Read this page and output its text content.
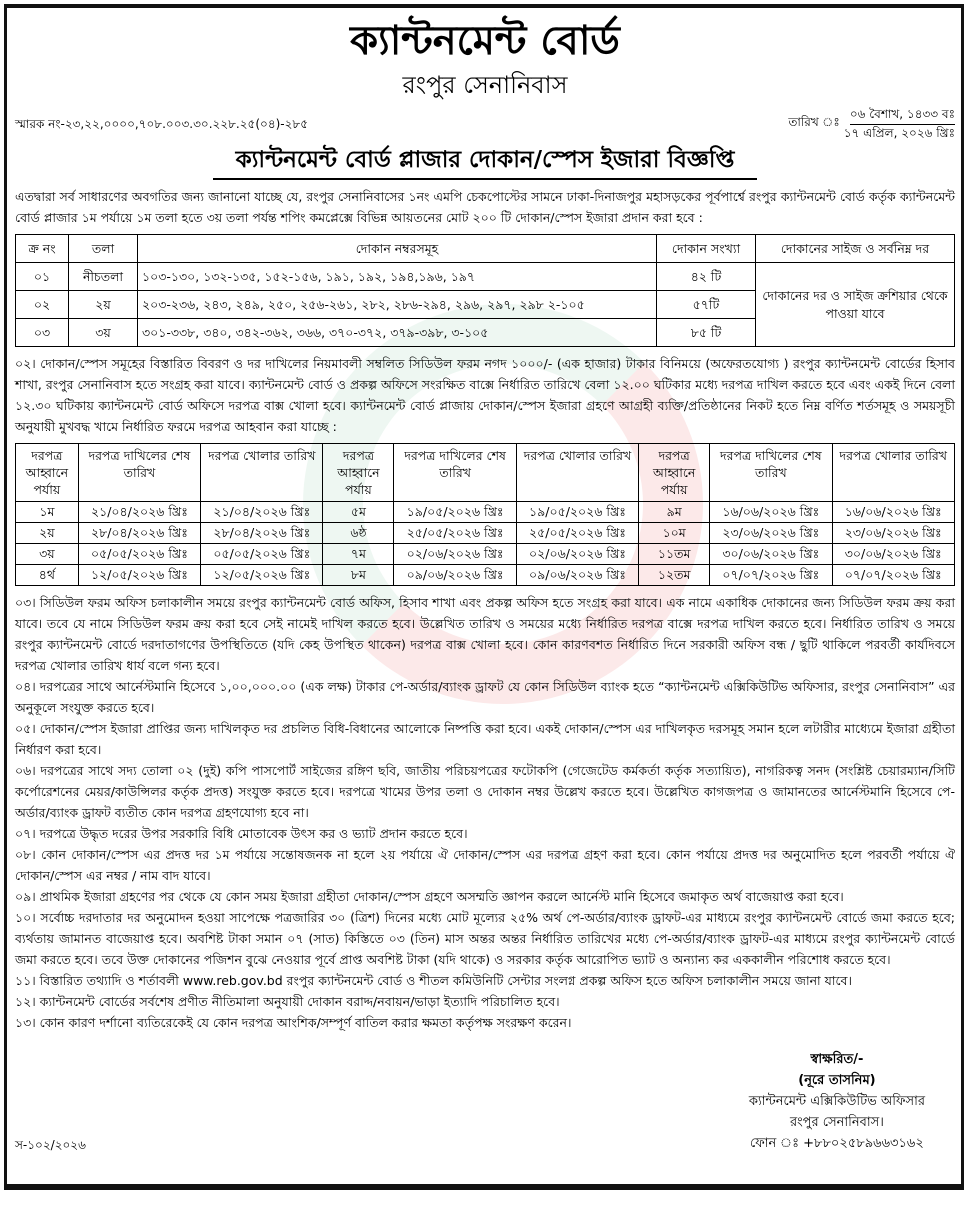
ক্যান্টনমেন্ট বোর্ড
রংপুর সেনানিবাস
স্মারক নং-২৩,২২,০০০০,৭০৮.০০৩.৩০.২২৮.২৫(০৪)-২৮৫	তারিখ ঃ $\frac{\text{০৬ বৈশাখ, ১৪৩৩ বঃ}}{\text{১৭ এপ্রিল, ২০২৬ খ্রিঃ}}$
ক্যান্টনমেন্ট বোর্ড প্লাজার দোকান/স্পেস ইজারা বিজ্ঞপ্তি
এতদ্বারা সর্ব সাধারণের অবগতির জন্য জানানো যাচ্ছে যে, রংপুর সেনানিবাসের ১নং এমপি চেকপোস্টের সামনে ঢাকা-দিনাজপুর মহাসড়কের পূর্বপার্শ্বে রংপুর ক্যান্টনমেন্ট বোর্ড কর্তৃক ক্যান্টনমেন্ট বোর্ড প্লাজার ১ম পর্যায়ে ১ম তলা হতে ৩য় তলা পর্যন্ত শপিং কমপ্লেক্সে বিভিন্ন আয়তনের মোট ২০০ টি দোকান/স্পেস ইজারা প্রদান করা হবে :
ক্র নং	তলা	দোকান নম্বরসমূহ	দোকান সংখ্যা	দোকানের সাইজ ও সর্বনিম্ন দর
০১	নীচতলা	১০৩-১৩০, ১৩২-১৩৫, ১৫২-১৫৬, ১৯১, ১৯২, ১৯৪,১৯৬, ১৯৭	৪২ টি	দোকানের দর ও সাইজ ক্রশিয়ার থেকে পাওয়া যাবে
০২	২য়	২০৩-২৩৬, ২৪৩, ২৪৯, ২৫০, ২৫৬-২৬১, ২৮২, ২৮৬-২৯৪, ২৯৬, ২৯৭, ২৯৮ ২-১০৫	৫৭টি	
০৩	৩য়	৩০১-৩৩৮, ৩৪০, ৩৪২-৩৬২, ৩৬৬, ৩৭০-৩৭২, ৩৭৯-৩৯৮, ৩-১০৫	৮৫ টি	
০২। দোকান/স্পেস সমূহের বিস্তারিত বিবরণ ও দর দাখিলের নিয়মাবলী সম্বলিত সিডিউল ফরম নগদ ১০০০/- (এক হাজার) টাকার বিনিময়ে (অফেরতযোগ্য ) রংপুর ক্যান্টনমেন্ট বোর্ডের হিসাব শাখা, রংপুর সেনানিবাস হতে সংগ্রহ করা যাবে। ক্যান্টনমেন্ট বোর্ড ও প্রকল্প অফিসে সংরক্ষিত বাক্সে নির্ধারিত তারিখে বেলা ১২.০০ ঘটিকার মধ্যে দরপত্র দাখিল করতে হবে এবং একই দিনে বেলা ১২.৩০ ঘটিকায় ক্যান্টনমেন্ট বোর্ড অফিসে দরপত্র বাক্স খোলা হবে। ক্যান্টনমেন্ট বোর্ড প্লাজায় দোকান/স্পেস ইজারা গ্রহণে আগ্রহী ব্যক্তি/প্রতিষ্ঠানের নিকট হতে নিম্ন বর্ণিত শর্তসমূহ ও সময়সূচী অনুযায়ী মুখবদ্ধ খামে নির্ধারিত ফরমে দরপত্র আহবান করা যাচ্ছে :
দরপত্র আহ্বানে পর্যায়	দরপত্র দাখিলের শেষ তারিখ	দরপত্র খোলার তারিখ	দরপত্র আহ্বানে পর্যায়	দরপত্র দাখিলের শেষ তারিখ	দরপত্র খোলার তারিখ	দরপত্র আহ্বানে পর্যায়	দরপত্র দাখিলের শেষ তারিখ	দরপত্র খোলার তারিখ
১ম	২১/০৪/২০২৬ খ্রিঃ	২১/০৪/২০২৬ খ্রিঃ	৫ম	১৯/০৫/২০২৬ খ্রিঃ	১৯/০৫/২০২৬ খ্রিঃ	৯ম	১৬/০৬/২০২৬ খ্রিঃ	১৬/০৬/২০২৬ খ্রিঃ
২য়	২৮/০৪/২০২৬ খ্রিঃ	২৮/০৪/২০২৬ খ্রিঃ	৬ষ্ঠ	২৫/০৫/২০২৬ খ্রিঃ	২৫/০৫/২০২৬ খ্রিঃ	১০ম	২৩/০৬/২০২৬ খ্রিঃ	২৩/০৬/২০২৬ খ্রিঃ
৩য়	০৫/০৫/২০২৬ খ্রিঃ	০৫/০৫/২০২৬ খ্রিঃ	৭ম	০২/০৬/২০২৬ খ্রিঃ	০২/০৬/২০২৬ খ্রিঃ	১১তম	৩০/০৬/২০২৬ খ্রিঃ	৩০/০৬/২০২৬ খ্রিঃ
৪র্থ	১২/০৫/২০২৬ খ্রিঃ	১২/০৫/২০২৬ খ্রিঃ	৮ম	০৯/০৬/২০২৬ খ্রিঃ	০৯/০৬/২০২৬ খ্রিঃ	১২তম	০৭/০৭/২০২৬ খ্রিঃ	০৭/০৭/২০২৬ খ্রিঃ
০৩। সিডিউল ফরম অফিস চলাকালীন সময়ে রংপুর ক্যান্টনমেন্ট বোর্ড অফিস, হিসাব শাখা এবং প্রকল্প অফিস হতে সংগ্রহ করা যাবে। এক নামে একাধিক দোকানের জন্য সিডিউল ফরম ক্রয় করা যাবে। তবে যে নামে সিডিউল ফরম ক্রয় করা হবে সেই নামেই দাখিল করতে হবে। উল্লেখিত তারিখ ও সময়ের মধ্যে নির্ধারিত দরপত্র বাক্সে দরপত্র দাখিল করতে হবে। নির্ধারিত তারিখ ও সময়ে রংপুর ক্যান্টনমেন্ট বোর্ডে দরদাতাগণের উপস্থিতিতে (যদি কেহ উপস্থিত থাকেন) দরপত্র বাক্স খোলা হবে। কোন কারণবশত নির্ধারিত দিনে সরকারী অফিস বন্ধ / ছুটি থাকিলে পরবর্তী কার্যদিবসে দরপত্র খোলার তারিখ ধার্য বলে গন্য হবে।
০৪। দরপত্রের সাথে আর্নেস্টমানি হিসেবে ১,০০,০০০.০০ (এক লক্ষ) টাকার পে-অর্ডার/ব্যাংক ড্রাফট যে কোন সিডিউল ব্যাংক হতে “ক্যান্টনমেন্ট এক্সিকিউটিভ অফিসার, রংপুর সেনানিবাস” এর অনুকূলে সংযুক্ত করতে হবে।
০৫। দোকান/স্পেস ইজারা প্রাপ্তির জন্য দাখিলকৃত দর প্রচলিত বিধি-বিধানের আলোকে নিষ্পত্তি করা হবে। একই দোকান/স্পেস এর দাখিলকৃত দরসমূহ সমান হলে লটারীর মাধ্যেমে ইজারা গ্রহীতা নির্ধারণ করা হবে।
০৬। দরপত্রের সাথে সদ্য তোলা ০২ (দুই) কপি পাসপোর্ট সাইজের রঙ্গিণ ছবি, জাতীয় পরিচয়পত্রের ফটোকপি (গেজেটেড কর্মকর্তা কর্তৃক সত্যায়িত), নাগরিকত্ব সনদ (সংশ্লিষ্ট চেয়ারম্যান/সিটি কর্পোরেশনের মেয়র/কাউন্সিলর কর্তৃক প্রদত্ত) সংযুক্ত করতে হবে। দরপত্রে খামের উপর তলা ও দোকান নম্বর উল্লেখ করতে হবে। উল্লেখিত কাগজপত্র ও জামানতের আর্নেস্টমানি হিসেবে পে-অর্ডার/ব্যাংক ড্রাফট ব্যতীত কোন দরপত্র গ্রহণযোগ্য হবে না।
০৭। দরপত্রে উদ্ধৃত দরের উপর সরকারি বিধি মোতাবেক উৎস কর ও ভ্যাট প্রদান করতে হবে।
০৮। কোন দোকান/স্পেস এর প্রদত্ত দর ১ম পর্যায়ে সন্তোষজনক না হলে ২য় পর্যায়ে ঐ দোকান/স্পেস এর দরপত্র গ্রহণ করা হবে। কোন পর্যায়ে প্রদত্ত দর অনুমোদিত হলে পরবর্তী পর্যায়ে ঐ দোকান/স্পেস এর নম্বর / নাম বাদ যাবে।
০৯। প্রাথমিক ইজারা গ্রহণের পর থেকে যে কোন সময় ইজারা গ্রহীতা দোকান/স্পেস গ্রহণে অসম্মতি জ্ঞাপন করলে আর্নেস্ট মানি হিসেবে জমাকৃত অর্থ বাজেয়াপ্ত করা হবে।
১০। সর্বোচ্চ দরদাতার দর অনুমোদন হওয়া সাপেক্ষে পত্রজারির ৩০ (ত্রিশ) দিনের মধ্যে মোট মূল্যের ২৫% অর্থ পে-অর্ডার/ব্যাংক ড্রাফট-এর মাধ্যমে রংপুর ক্যান্টনমেন্ট বোর্ডে জমা করতে হবে; ব্যর্থতায় জামানত বাজেয়াপ্ত হবে। অবশিষ্ট টাকা সমান ০৭ (সাত) কিস্তিতে ০৩ (তিন) মাস অন্তর অন্তর নির্ধারিত তারিখের মধ্যে পে-অর্ডার/ব্যাংক ড্রাফট-এর মাধ্যমে রংপুর ক্যান্টনমেন্ট বোর্ডে জমা করতে হবে। তবে উক্ত দোকানের পজিশন বুঝে নেওয়ার পূর্বে প্রাপ্ত অবশিষ্ট টাকা (যদি থাকে) ও সরকার কর্তৃক আরোপিত ভ্যাট ও অন্যান্য কর এককালীন পরিশোধ করতে হবে।
১১। বিস্তারিত তথ্যাদি ও শর্তাবলী www.reb.gov.bd রংপুর ক্যান্টনমেন্ট বোর্ড ও শীতল কমিউনিটি সেন্টার সংলগ্ন প্রকল্প অফিস হতে অফিস চলাকালীন সময়ে জানা যাবে।
১২। ক্যান্টনমেন্ট বোর্ডের সর্বশেষ প্রণীত নীতিমালা অনুযায়ী দোকান বরাদ্দ/নবায়ন/ভাড়া ইত্যাদি পরিচালিত হবে।
১৩। কোন কারণ দর্শানো ব্যতিরেকেই যে কোন দরপত্র আংশিক/সম্পূর্ণ বাতিল করার ক্ষমতা কর্তৃপক্ষ সংরক্ষণ করেন।
স-১০২/২০২৬
স্বাক্ষরিত/-
(নূরে তাসনিম)
ক্যান্টনমেন্ট এক্সিকিউটিভ অফিসার
রংপুর সেনানিবাস।
ফোন ঃ +৮৮০২৫৮৯৬৬৩১৬২
